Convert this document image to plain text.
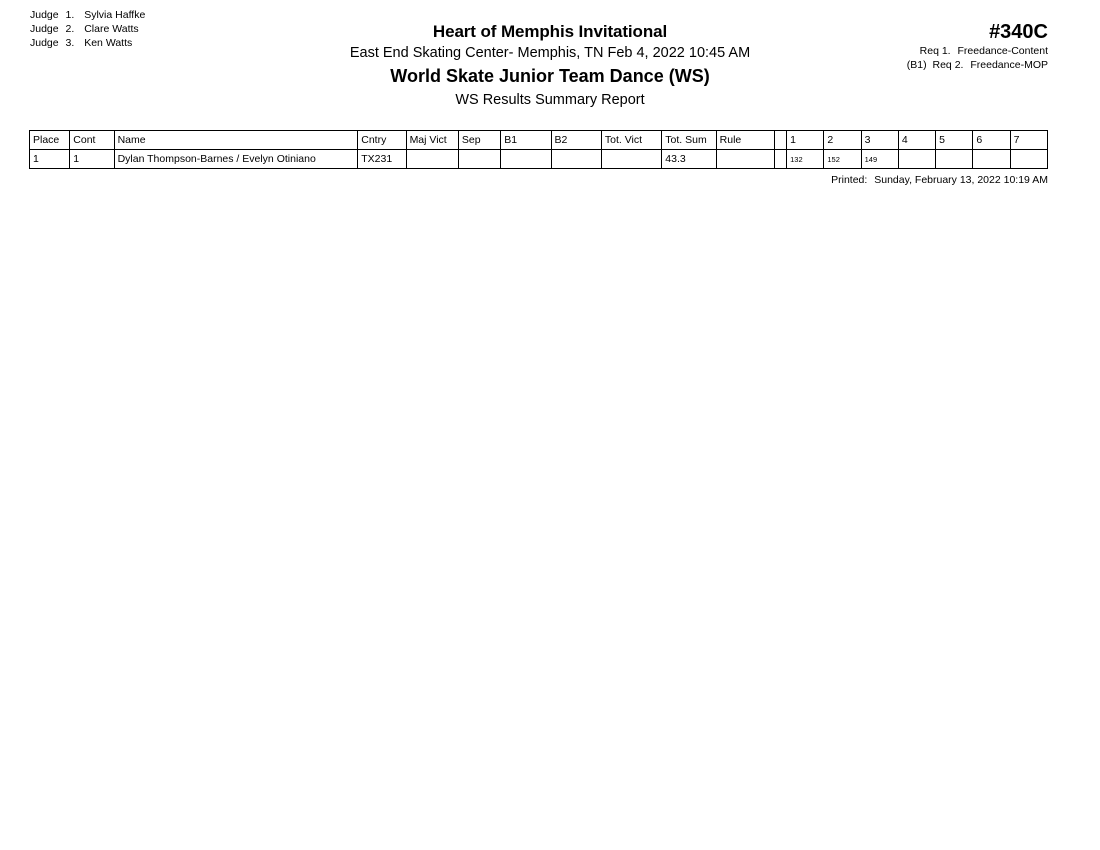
Judge 1. Sylvia Haffke
Judge 2. Clare Watts
Judge 3. Ken Watts
Heart of Memphis Invitational
East End Skating Center- Memphis, TN Feb 4, 2022 10:45 AM
World Skate Junior Team Dance (WS)
WS Results Summary Report
#340C
Req 1. Freedance-Content
(B1) Req 2. Freedance-MOP
Place	Cont	Name	Cntry	Maj Vict	Sep	B1	B2	Tot. Vict	Tot. Sum	Rule		1	2	3	4	5	6	7
1	1	Dylan Thompson-Barnes / Evelyn Otiniano	TX231						43.3			132	152	149				
Printed: Sunday, February 13, 2022 10:19 AM
